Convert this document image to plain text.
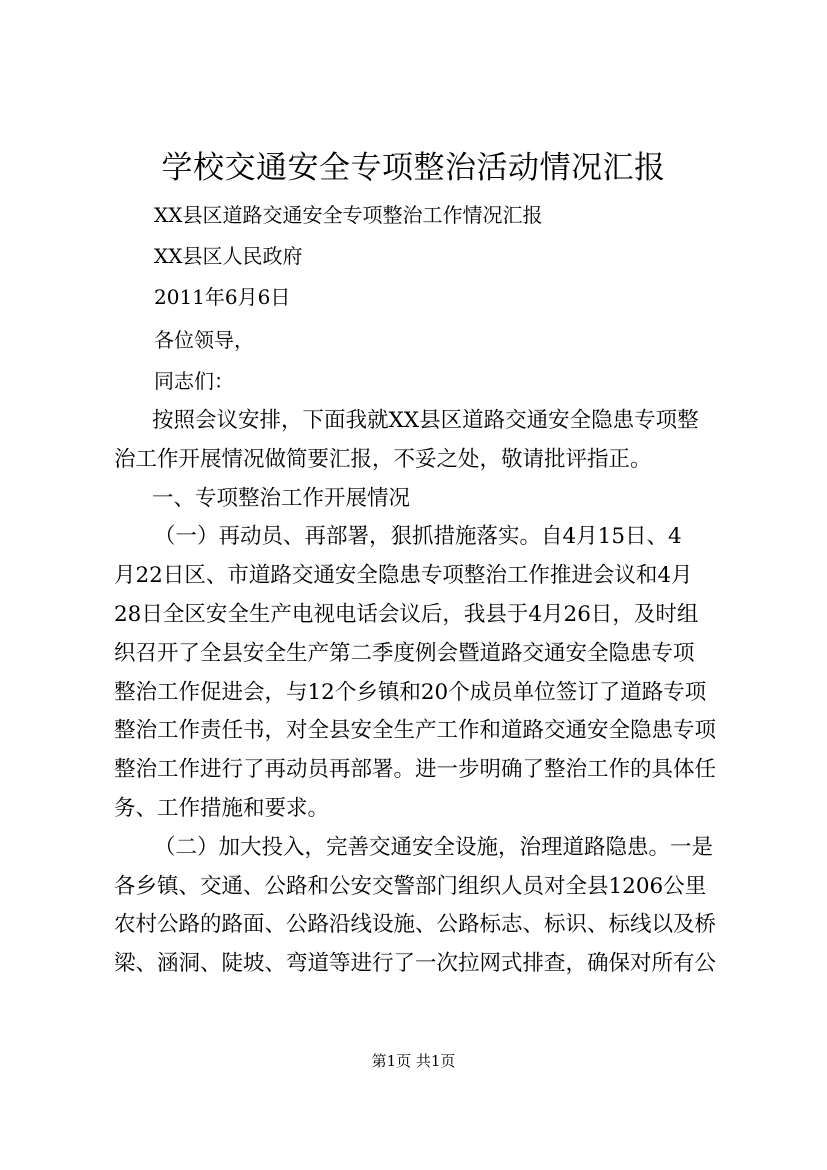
学校交通安全专项整治活动情况汇报
XX县区道路交通安全专项整治工作情况汇报
XX县区人民政府
2011年6月6日
各位领导，
同志们：
按照会议安排，下面我就XX县区道路交通安全隐患专项整
治工作开展情况做简要汇报，不妥之处，敬请批评指正。
一、专项整治工作开展情况
（一）再动员、再部署，狠抓措施落实。自4月15日、4
月22日区、市道路交通安全隐患专项整治工作推进会议和4月
28日全区安全生产电视电话会议后，我县于4月26日，及时组
织召开了全县安全生产第二季度例会暨道路交通安全隐患专项
整治工作促进会，与12个乡镇和20个成员单位签订了道路专项
整治工作责任书，对全县安全生产工作和道路交通安全隐患专项
整治工作进行了再动员再部署。进一步明确了整治工作的具体任
务、工作措施和要求。
（二）加大投入，完善交通安全设施，治理道路隐患。一是
各乡镇、交通、公路和公安交警部门组织人员对全县1206公里
农村公路的路面、公路沿线设施、公路标志、标识、标线以及桥
梁、涵洞、陡坡、弯道等进行了一次拉网式排查，确保对所有公
第1页 共1页
